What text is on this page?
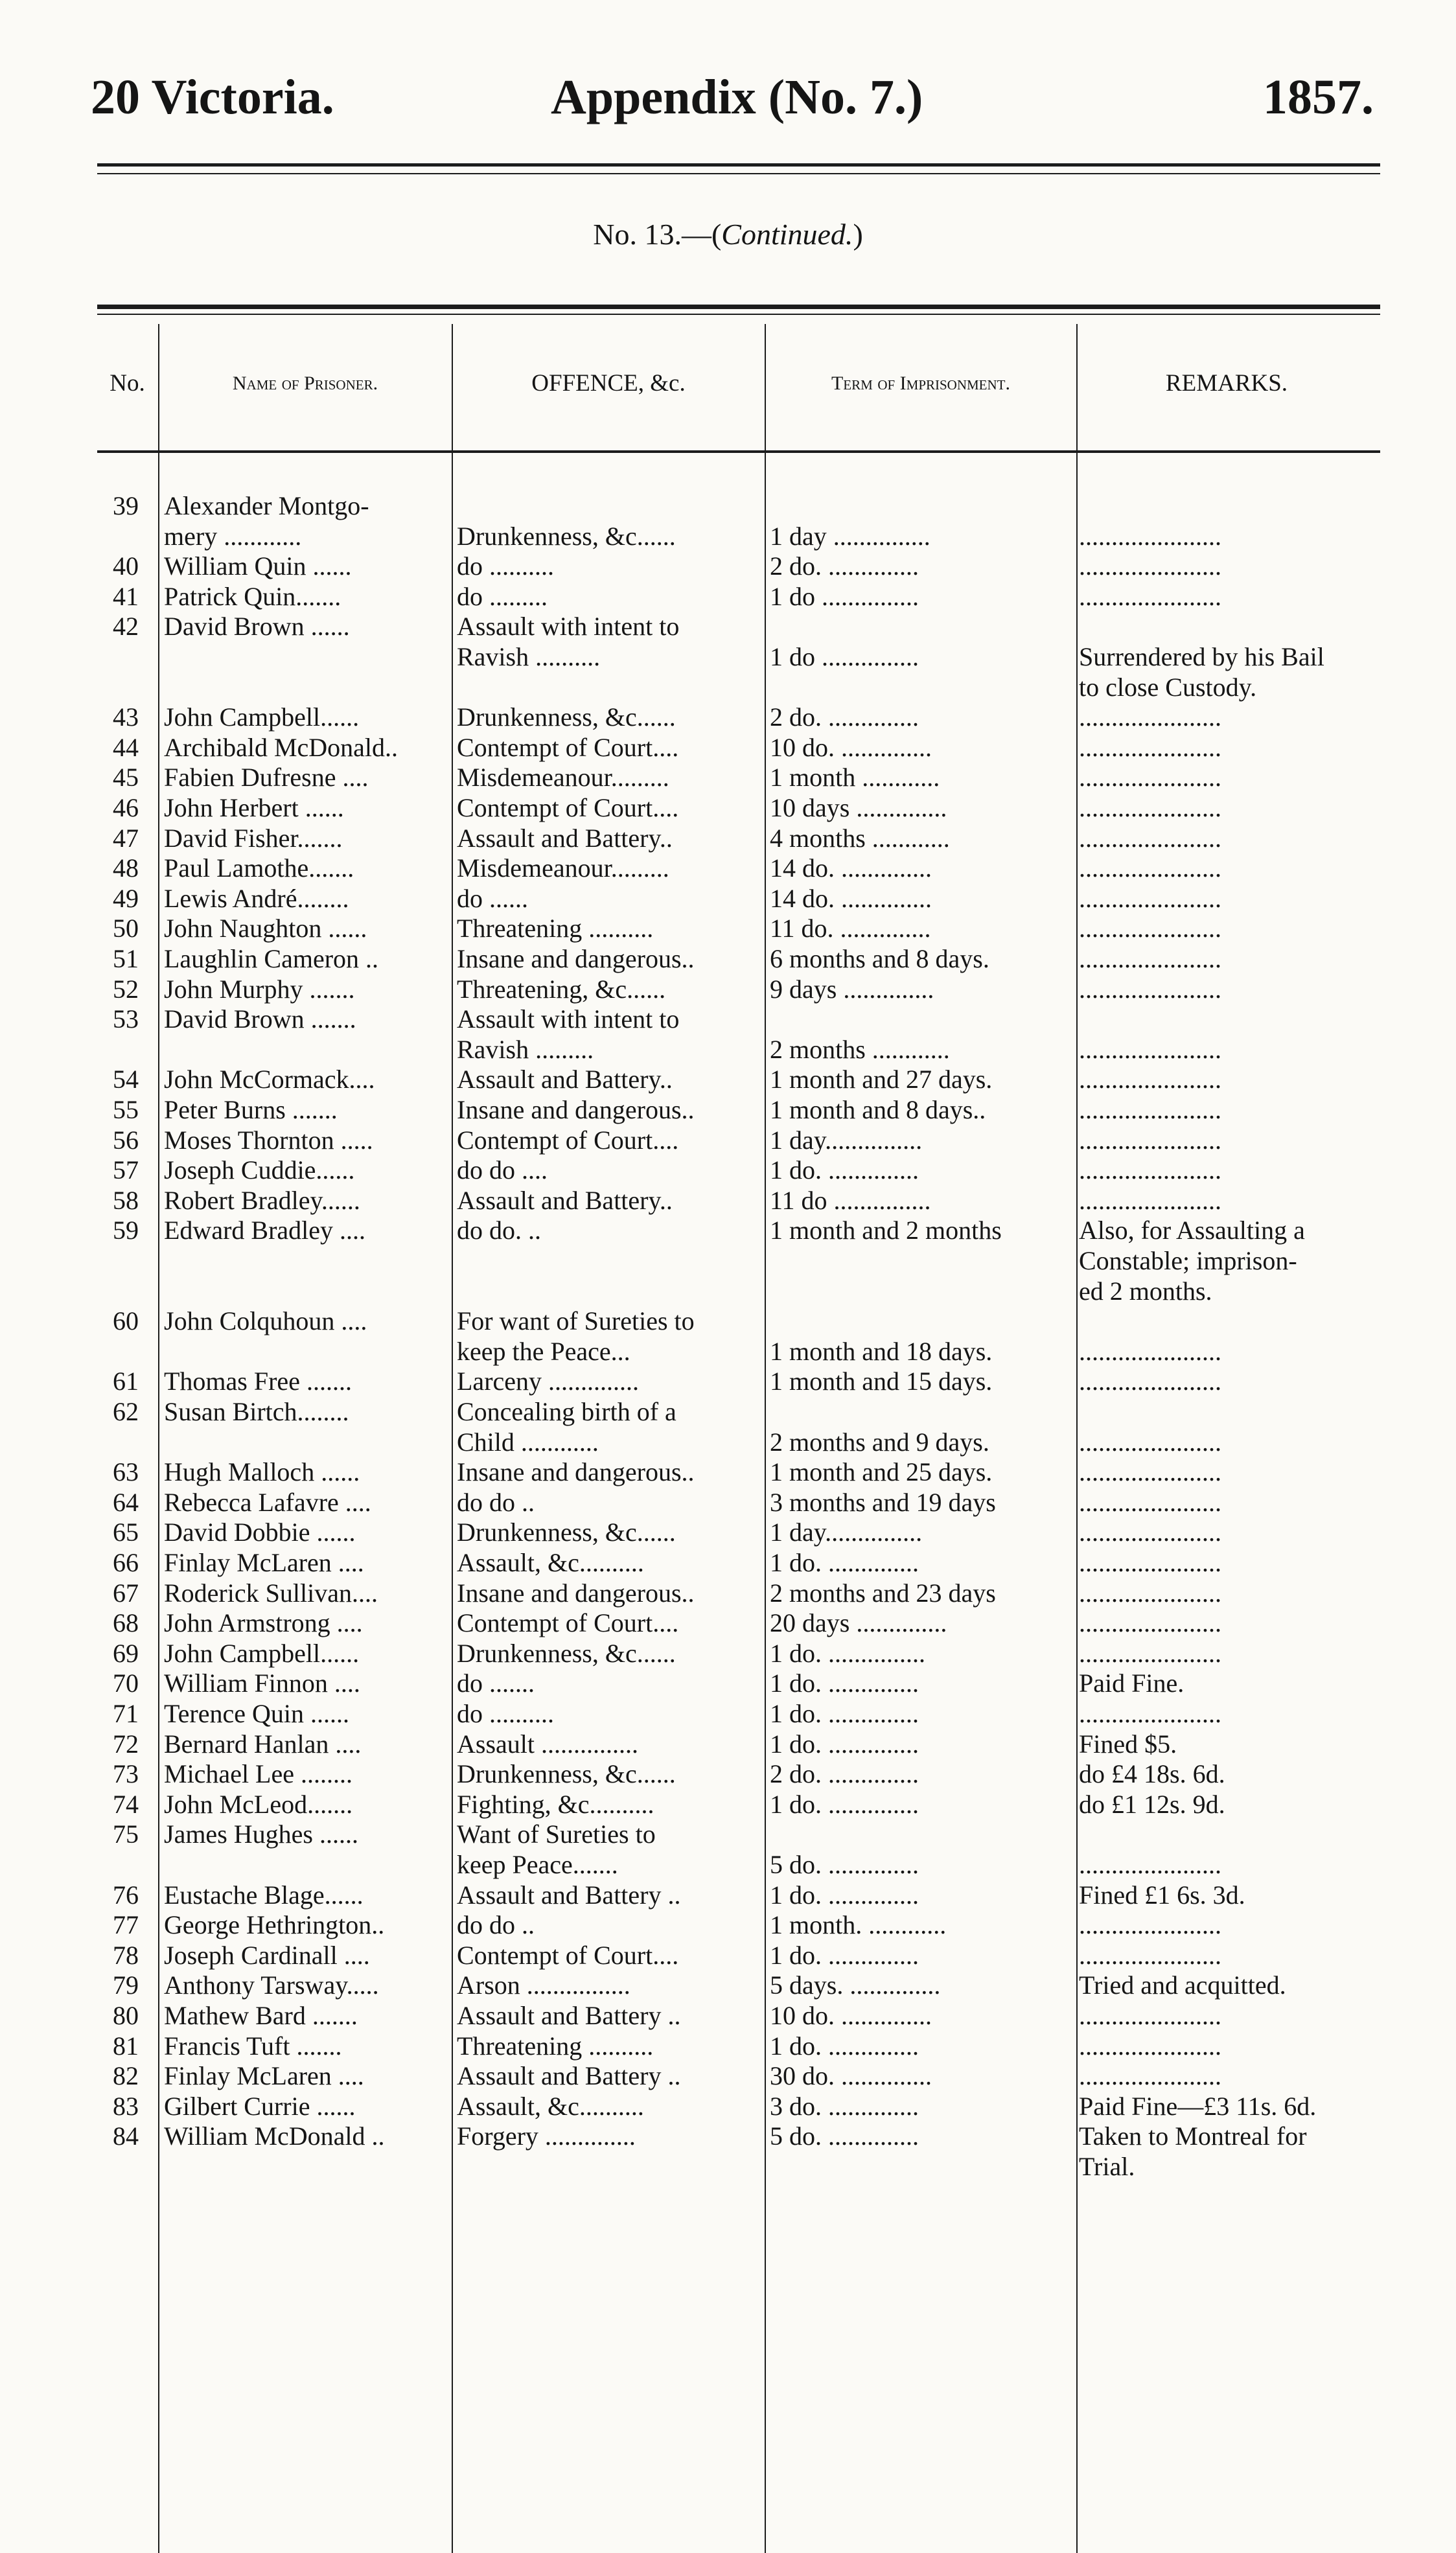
20 Victoria.	Appendix (No. 7.)	1857.
No. 13.—(Continued.)
No.	Name of Prisoner.	OFFENCE, &c.	Term of Imprisonment.	REMARKS.
39 Alexander Montgo-
mery ............	Drunkenness, &c......	1 day ...............	......................
40 William Quin ......	do ..........	2 do. ..............	......................
41 Patrick Quin.......	do .........	1 do ...............	......................
42 David Brown ......	Assault with intent to
Ravish ..........	1 do ...............	Surrendered by his Bail
to close Custody.
43 John Campbell......	Drunkenness, &c......	2 do. ..............	......................
44 Archibald McDonald..	Contempt of Court....	10 do. ..............	......................
45 Fabien Dufresne ....	Misdemeanour.........	1 month ............	......................
46 John Herbert ......	Contempt of Court....	10 days ..............	......................
47 David Fisher.......	Assault and Battery..	4 months ............	......................
48 Paul Lamothe.......	Misdemeanour.........	14 do. ..............	......................
49 Lewis André........	do ......	14 do. ..............	......................
50 John Naughton ......	Threatening ..........	11 do. ..............	......................
51 Laughlin Cameron ..	Insane and dangerous..	6 months and 8 days.	......................
52 John Murphy .......	Threatening, &c......	9 days ..............	......................
53 David Brown .......	Assault with intent to
Ravish .........	2 months ............	......................
54 John McCormack....	Assault and Battery..	1 month and 27 days.	......................
55 Peter Burns .......	Insane and dangerous..	1 month and 8 days..	......................
56 Moses Thornton .....	Contempt of Court....	1 day...............	......................
57 Joseph Cuddie......	do do ....	1 do. ..............	......................
58 Robert Bradley......	Assault and Battery..	11 do ...............	......................
59 Edward Bradley ....	do do. ..	1 month and 2 months	Also, for Assaulting a
Constable; imprison-
ed 2 months.
60 John Colquhoun ....	For want of Sureties to
keep the Peace...	1 month and 18 days.	......................
61 Thomas Free .......	Larceny ..............	1 month and 15 days.	......................
62 Susan Birtch........	Concealing birth of a
Child ............	2 months and 9 days.	......................
63 Hugh Malloch ......	Insane and dangerous..	1 month and 25 days.	......................
64 Rebecca Lafavre ....	do do ..	3 months and 19 days	......................
65 David Dobbie ......	Drunkenness, &c......	1 day...............	......................
66 Finlay McLaren ....	Assault, &c..........	1 do. ..............	......................
67 Roderick Sullivan....	Insane and dangerous..	2 months and 23 days	......................
68 John Armstrong ....	Contempt of Court....	20 days ..............	......................
69 John Campbell......	Drunkenness, &c......	1 do. ...............	......................
70 William Finnon ....	do .......	1 do. ..............	Paid Fine.
71 Terence Quin ......	do ..........	1 do. ..............	......................
72 Bernard Hanlan ....	Assault ...............	1 do. ..............	Fined $5.
73 Michael Lee ........	Drunkenness, &c......	2 do. ..............	do £4 18s. 6d.
74 John McLeod.......	Fighting, &c..........	1 do. ..............	do £1 12s. 9d.
75 James Hughes ......	Want of Sureties to
keep Peace.......	5 do. ..............	......................
76 Eustache Blage......	Assault and Battery ..	1 do. ..............	Fined £1 6s. 3d.
77 George Hethrington..	do do ..	1 month. ............	......................
78 Joseph Cardinall ....	Contempt of Court....	1 do. ..............	......................
79 Anthony Tarsway.....	Arson ................	5 days. ..............	Tried and acquitted.
80 Mathew Bard .......	Assault and Battery ..	10 do. ..............	......................
81 Francis Tuft .......	Threatening ..........	1 do. ..............	......................
82 Finlay McLaren ....	Assault and Battery ..	30 do. ..............	......................
83 Gilbert Currie ......	Assault, &c..........	3 do. ..............	Paid Fine—£3 11s. 6d.
84 William McDonald ..	Forgery ..............	5 do. ..............	Taken to Montreal for
Trial.
